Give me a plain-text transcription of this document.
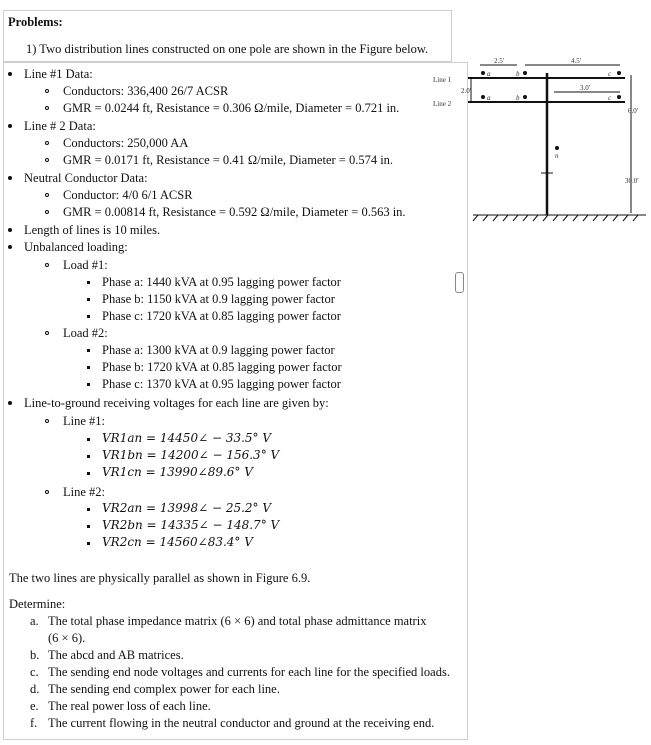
Problems:
1) Two distribution lines constructed on one pole are shown in the Figure below.
Line #1 Data:
Conductors: 336,400 26/7 ACSR
GMR = 0.0244 ft, Resistance = 0.306 Ω/mile, Diameter = 0.721 in.
Line # 2 Data:
Conductors: 250,000 AA
GMR = 0.0171 ft, Resistance = 0.41 Ω/mile, Diameter = 0.574 in.
Neutral Conductor Data:
Conductor: 4/0 6/1 ACSR
GMR = 0.00814 ft, Resistance = 0.592 Ω/mile, Diameter = 0.563 in.
Length of lines is 10 miles.
Unbalanced loading:
Load #1:
Phase a: 1440 kVA at 0.95 lagging power factor
Phase b: 1150 kVA at 0.9 lagging power factor
Phase c: 1720 kVA at 0.85 lagging power factor
Load #2:
Phase a: 1300 kVA at 0.9 lagging power factor
Phase b: 1720 kVA at 0.85 lagging power factor
Phase c: 1370 kVA at 0.95 lagging power factor
Line-to-ground receiving voltages for each line are given by:
Line #1:
VR1an = 14450∠ − 33.5° V
VR1bn = 14200∠ − 156.3° V
VR1cn = 13990∠89.6° V
Line #2:
VR2an = 13998∠ − 25.2° V
VR2bn = 14335∠ − 148.7° V
VR2cn = 14560∠83.4° V
The two lines are physically parallel as shown in Figure 6.9.
Determine:
a. The total phase impedance matrix (6 × 6) and total phase admittance matrix
(6 × 6).
b. The abcd and AB matrices.
c. The sending end node voltages and currents for each line for the specified loads.
d. The sending end complex power for each line.
e. The real power loss of each line.
f. The current flowing in the neutral conductor and ground at the receiving end.
Line 1
Line 2
2.5′	4.5′
3.0′
2.0′
6.0′
30.0′
a	b	c
a	b	c
n
